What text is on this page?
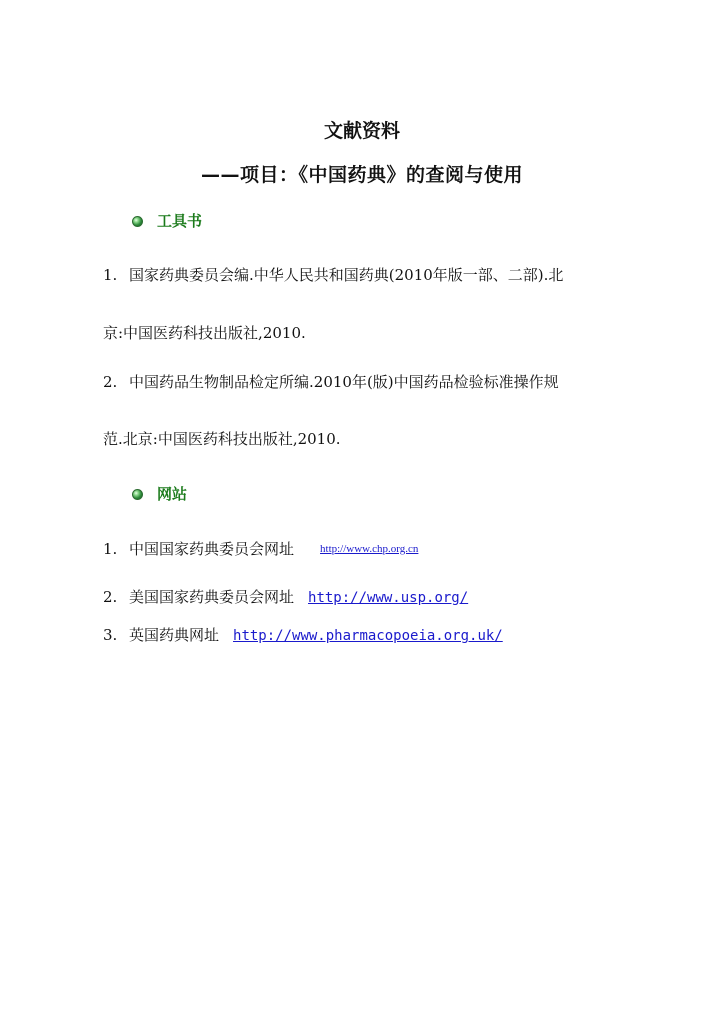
文献资料
——项目：《中国药典》的查阅与使用
工具书

1. 国家药典委员会编.中华人民共和国药典(2010年版一部、二部).北

京:中国医药科技出版社,2010.

2. 中国药品生物制品检定所编.2010年(版)中国药品检验标准操作规

范.北京:中国医药科技出版社,2010.

网站

1. 中国国家药典委员会网址 http://www.chp.org.cn

2. 美国国家药典委员会网址 http://www.usp.org/

3. 英国药典网址 http://www.pharmacopoeia.org.uk/
